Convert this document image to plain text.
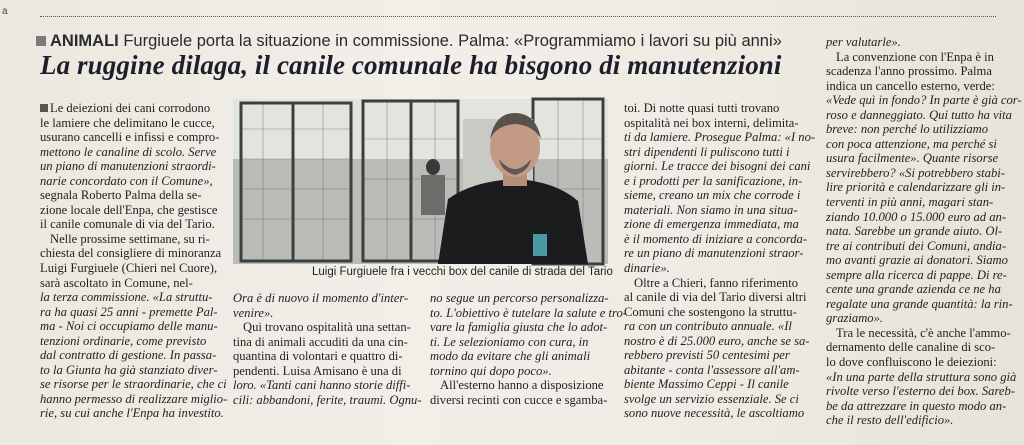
a
ANIMALI Furgiuele porta la situazione in commissione. Palma: «Programmiamo i lavori su più anni»
La ruggine dilaga, il canile comunale ha bisgono di manutenzioni
Le deiezioni dei cani corrodono
le lamiere che delimitano le cucce,
usurano cancelli e infissi e compro-
mettono le canaline di scolo. Serve
un piano di manutenzioni straordi-
narie concordato con il Comune»,
segnala Roberto Palma della se-
zione locale dell'Enpa, che gestisce
il canile comunale di via del Tario.
Nelle prossime settimane, su ri-
chiesta del consigliere di minoranza
Luigi Furgiuele (Chieri nel Cuore),
sarà ascoltato in Comune, nel-
la terza commissione. «La struttu-
ra ha quasi 25 anni - premette Pal-
ma - Noi ci occupiamo delle manu-
tenzioni ordinarie, come previsto
dal contratto di gestione. In passa-
to la Giunta ha già stanziato diver-
se risorse per le straordinarie, che ci
hanno permesso di realizzare miglio-
rie, su cui anche l'Enpa ha investito.
Luigi Furgiuele fra i vecchi box del canile di strada del Tario
Ora è di nuovo il momento d'inter-
venire».
Qui trovano ospitalità una settan-
tina di animali accuditi da una cin-
quantina di volontari e quattro di-
pendenti. Luisa Amisano è una di
loro. «Tanti cani hanno storie diffi-
cili: abbandoni, ferite, traumi. Ognu-
no segue un percorso personalizza-
to. L'obiettivo è tutelare la salute e tro-
vare la famiglia giusta che lo adot-
ti. Le selezioniamo con cura, in
modo da evitare che gli animali
tornino qui dopo poco».
All'esterno hanno a disposizione
diversi recinti con cucce e sgamba-
toi. Di notte quasi tutti trovano
ospitalità nei box interni, delimita-
ti da lamiere. Prosegue Palma: «I no-
stri dipendenti li puliscono tutti i
giorni. Le tracce dei bisogni dei cani
e i prodotti per la sanificazione, in-
sieme, creano un mix che corrode i
materiali. Non siamo in una situa-
zione di emergenza immediata, ma
è il momento di iniziare a concorda-
re un piano di manutenzioni straor-
dinarie».
Oltre a Chieri, fanno riferimento
al canile di via del Tario diversi altri
Comuni che sostengono la struttu-
ra con un contributo annuale. «Il
nostro è di 25.000 euro, anche se sa-
rebbero previsti 50 centesimi per
abitante - conta l'assessore all'am-
biente Massimo Ceppi - Il canile
svolge un servizio essenziale. Se ci
sono nuove necessità, le ascoltiamo
per valutarle».
La convenzione con l'Enpa è in
scadenza l'anno prossimo. Palma
indica un cancello esterno, verde:
«Vede quì in fondo? In parte è già cor-
roso e danneggiato. Qui tutto ha vita
breve: non perché lo utilizziamo
con poca attenzione, ma perché si
usura facilmente». Quante risorse
servirebbero? «Si potrebbero stabi-
lire priorità e calendarizzare gli in-
terventi in più anni, magari stan-
ziando 10.000 o 15.000 euro ad an-
nata. Sarebbe un grande aiuto. Ol-
tre ai contributi dei Comuni, andia-
mo avanti grazie ai donatori. Siamo
sempre alla ricerca di pappe. Di re-
cente una grande azienda ce ne ha
regalate una grande quantità: la rin-
graziamo».
Tra le necessità, c'è anche l'ammo-
dernamento delle canaline di sco-
lo dove confluiscono le deiezioni:
«In una parte della struttura sono già
rivolte verso l'esterno dei box. Sareb-
be da attrezzare in questo modo an-
che il resto dell'edificio».
